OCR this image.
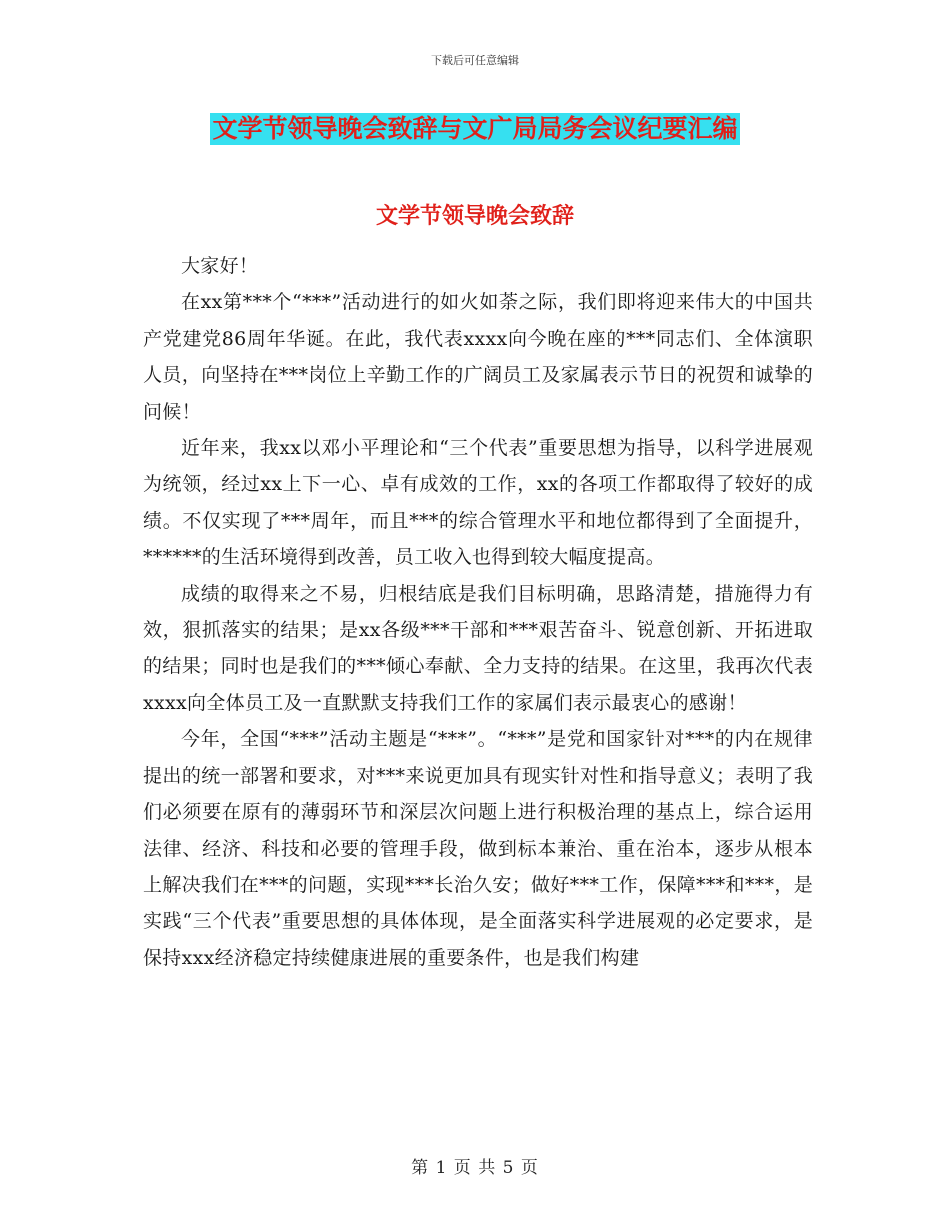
下载后可任意编辑
文学节领导晚会致辞与文广局局务会议纪要汇编
文学节领导晚会致辞

大家好！

在xx第***个“***”活动进行的如火如荼之际，我们即将迎来伟大的中国共产党建党86周年华诞。在此，我代表xxxx向今晚在座的***同志们、全体演职人员，向坚持在***岗位上辛勤工作的广阔员工及家属表示节日的祝贺和诚挚的问候！

近年来，我xx以邓小平理论和“三个代表”重要思想为指导，以科学进展观为统领，经过xx上下一心、卓有成效的工作，xx的各项工作都取得了较好的成绩。不仅实现了***周年，而且***的综合管理水平和地位都得到了全面提升，******的生活环境得到改善，员工收入也得到较大幅度提高。

成绩的取得来之不易，归根结底是我们目标明确，思路清楚，措施得力有效，狠抓落实的结果；是xx各级***干部和***艰苦奋斗、锐意创新、开拓进取的结果；同时也是我们的***倾心奉献、全力支持的结果。在这里，我再次代表xxxx向全体员工及一直默默支持我们工作的家属们表示最衷心的感谢！

今年，全国“***”活动主题是“***”。“***”是党和国家针对***的内在规律提出的统一部署和要求，对***来说更加具有现实针对性和指导意义；表明了我们必须要在原有的薄弱环节和深层次问题上进行积极治理的基点上，综合运用法律、经济、科技和必要的管理手段，做到标本兼治、重在治本，逐步从根本上解决我们在***的问题，实现***长治久安；做好***工作，保障***和***，是实践“三个代表”重要思想的具体体现，是全面落实科学进展观的必定要求，是保持xxx经济稳定持续健康进展的重要条件，也是我们构建

第 1 页 共 5 页
